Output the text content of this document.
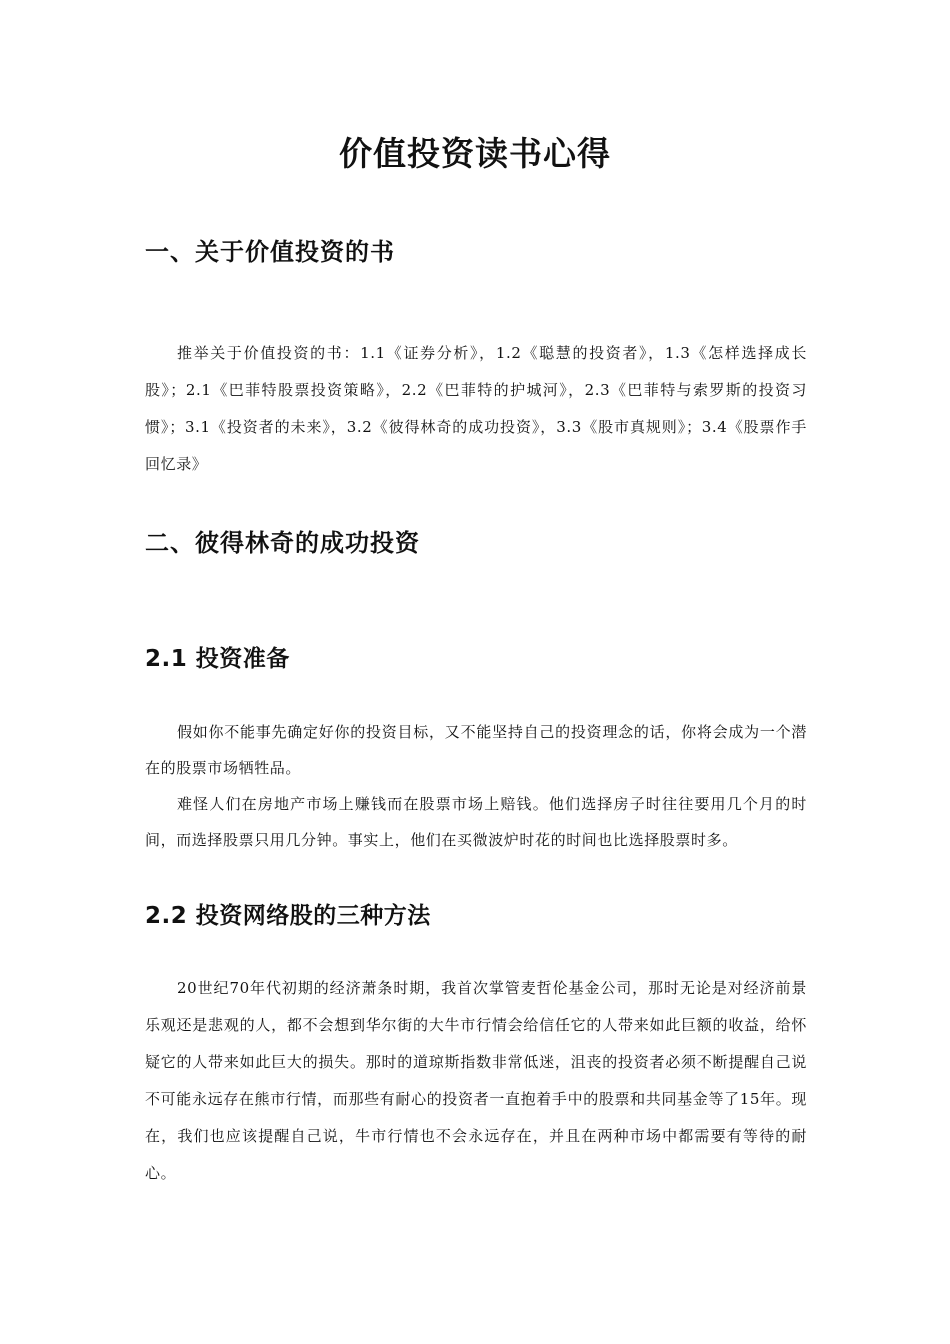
价值投资读书心得
一、关于价值投资的书

推举关于价值投资的书：1.1《证券分析》，1.2《聪慧的投资者》，1.3《怎样选择成长股》；2.1《巴菲特股票投资策略》，2.2《巴菲特的护城河》，2.3《巴菲特与索罗斯的投资习惯》；3.1《投资者的未来》，3.2《彼得林奇的成功投资》，3.3《股市真规则》；3.4《股票作手回忆录》

二、彼得林奇的成功投资
2.1 投资准备

假如你不能事先确定好你的投资目标，又不能坚持自己的投资理念的话，你将会成为一个潜在的股票市场牺牲品。

难怪人们在房地产市场上赚钱而在股票市场上赔钱。他们选择房子时往往要用几个月的时间，而选择股票只用几分钟。事实上，他们在买微波炉时花的时间也比选择股票时多。

2.2 投资网络股的三种方法

20世纪70年代初期的经济萧条时期，我首次掌管麦哲伦基金公司，那时无论是对经济前景乐观还是悲观的人，都不会想到华尔街的大牛市行情会给信任它的人带来如此巨额的收益，给怀疑它的人带来如此巨大的损失。那时的道琼斯指数非常低迷，沮丧的投资者必须不断提醒自己说不可能永远存在熊市行情，而那些有耐心的投资者一直抱着手中的股票和共同基金等了15年。现在，我们也应该提醒自己说，牛市行情也不会永远存在，并且在两种市场中都需要有等待的耐心。
